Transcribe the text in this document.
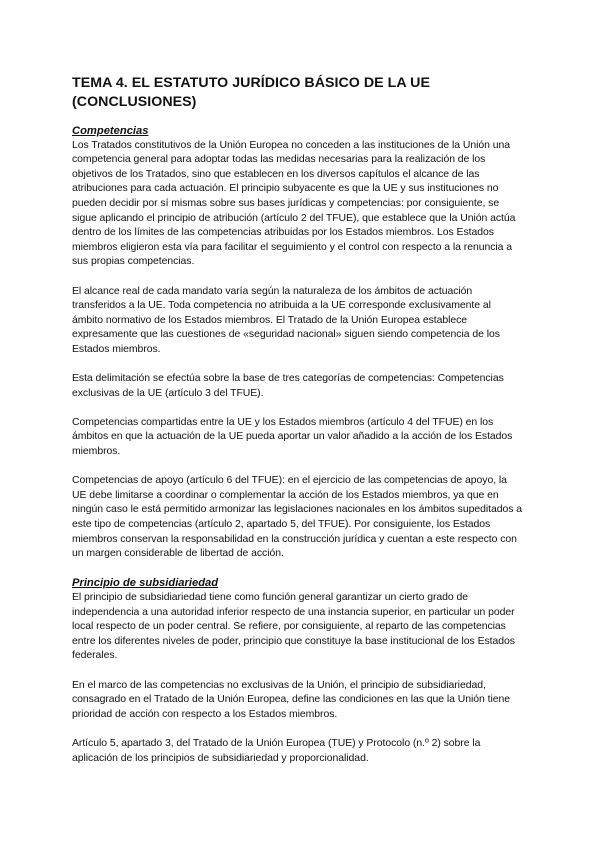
TEMA 4. EL ESTATUTO JURÍDICO BÁSICO DE LA UE (CONCLUSIONES)

Competencias

Los Tratados constitutivos de la Unión Europea no conceden a las instituciones de la Unión una competencia general para adoptar todas las medidas necesarias para la realización de los objetivos de los Tratados, sino que establecen en los diversos capítulos el alcance de las atribuciones para cada actuación. El principio subyacente es que la UE y sus instituciones no pueden decidir por sí mismas sobre sus bases jurídicas y competencias: por consiguiente, se sigue aplicando el principio de atribución (artículo 2 del TFUE), que establece que la Unión actúa dentro de los límites de las competencias atribuidas por los Estados miembros. Los Estados miembros eligieron esta vía para facilitar el seguimiento y el control con respecto a la renuncia a sus propias competencias.

El alcance real de cada mandato varía según la naturaleza de los ámbitos de actuación transferidos a la UE. Toda competencia no atribuida a la UE corresponde exclusivamente al ámbito normativo de los Estados miembros. El Tratado de la Unión Europea establece expresamente que las cuestiones de «seguridad nacional» siguen siendo competencia de los Estados miembros.

Esta delimitación se efectúa sobre la base de tres categorías de competencias: Competencias exclusivas de la UE (artículo 3 del TFUE).

Competencias compartidas entre la UE y los Estados miembros (artículo 4 del TFUE) en los ámbitos en que la actuación de la UE pueda aportar un valor añadido a la acción de los Estados miembros.

Competencias de apoyo (artículo 6 del TFUE): en el ejercicio de las competencias de apoyo, la UE debe limitarse a coordinar o complementar la acción de los Estados miembros, ya que en ningún caso le está permitido armonizar las legislaciones nacionales en los ámbitos supeditados a este tipo de competencias (artículo 2, apartado 5, del TFUE). Por consiguiente, los Estados miembros conservan la responsabilidad en la construcción jurídica y cuentan a este respecto con un margen considerable de libertad de acción.

Principio de subsidiariedad

El principio de subsidiariedad tiene como función general garantizar un cierto grado de independencia a una autoridad inferior respecto de una instancia superior, en particular un poder local respecto de un poder central. Se refiere, por consiguiente, al reparto de las competencias entre los diferentes niveles de poder, principio que constituye la base institucional de los Estados federales.

En el marco de las competencias no exclusivas de la Unión, el principio de subsidiariedad, consagrado en el Tratado de la Unión Europea, define las condiciones en las que la Unión tiene prioridad de acción con respecto a los Estados miembros.

Artículo 5, apartado 3, del Tratado de la Unión Europea (TUE) y Protocolo (n.º 2) sobre la aplicación de los principios de subsidiariedad y proporcionalidad.
